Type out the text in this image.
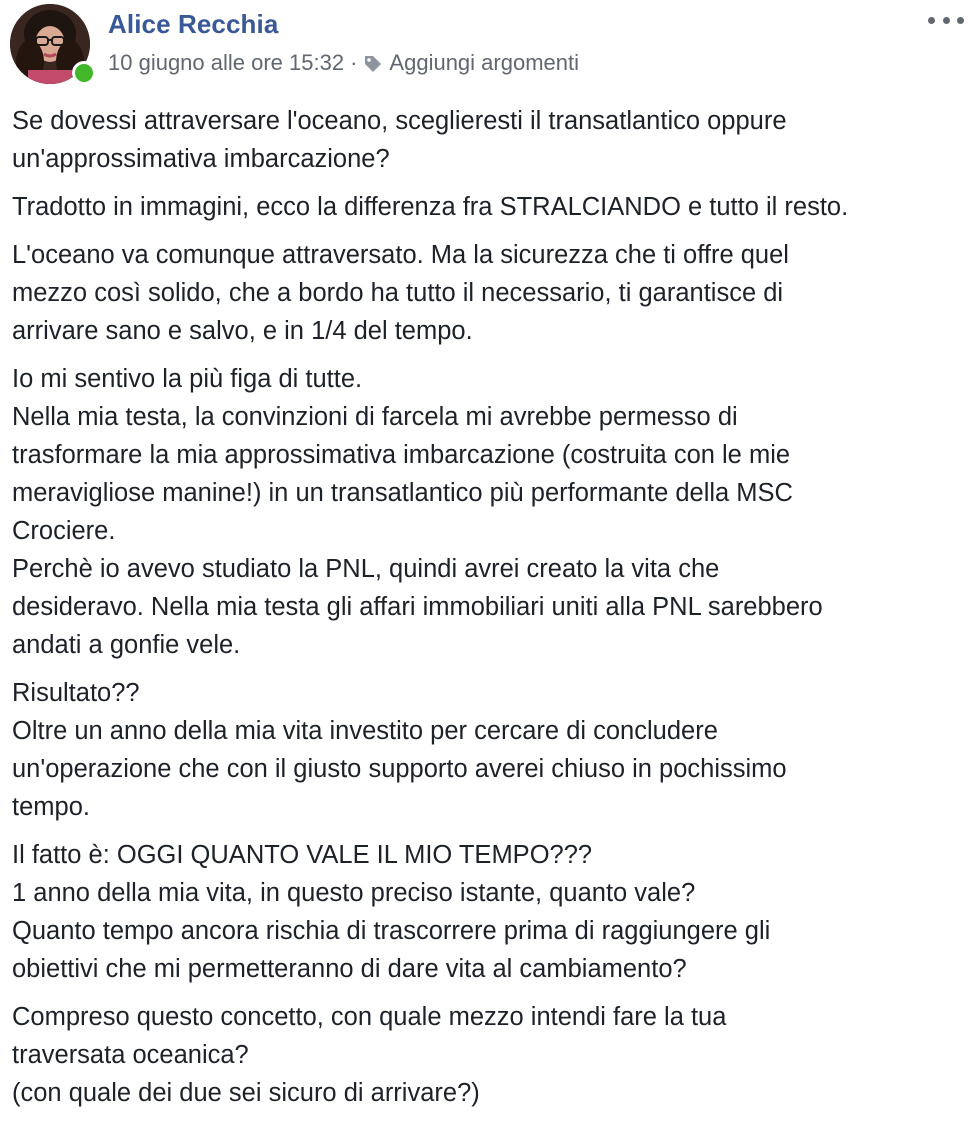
Alice Recchia
10 giugno alle ore 15:32 · Aggiungi argomenti

Se dovessi attraversare l'oceano, sceglieresti il transatlantico oppure
un'approssimativa imbarcazione?

Tradotto in immagini, ecco la differenza fra STRALCIANDO e tutto il resto.

L'oceano va comunque attraversato. Ma la sicurezza che ti offre quel
mezzo così solido, che a bordo ha tutto il necessario, ti garantisce di
arrivare sano e salvo, e in 1/4 del tempo.

Io mi sentivo la più figa di tutte.
Nella mia testa, la convinzioni di farcela mi avrebbe permesso di
trasformare la mia approssimativa imbarcazione (costruita con le mie
meravigliose manine!) in un transatlantico più performante della MSC
Crociere.
Perchè io avevo studiato la PNL, quindi avrei creato la vita che
desideravo. Nella mia testa gli affari immobiliari uniti alla PNL sarebbero
andati a gonfie vele.

Risultato??
Oltre un anno della mia vita investito per cercare di concludere
un'operazione che con il giusto supporto averei chiuso in pochissimo
tempo.

Il fatto è: OGGI QUANTO VALE IL MIO TEMPO???
1 anno della mia vita, in questo preciso istante, quanto vale?
Quanto tempo ancora rischia di trascorrere prima di raggiungere gli
obiettivi che mi permetteranno di dare vita al cambiamento?

Compreso questo concetto, con quale mezzo intendi fare la tua
traversata oceanica?
(con quale dei due sei sicuro di arrivare?)
